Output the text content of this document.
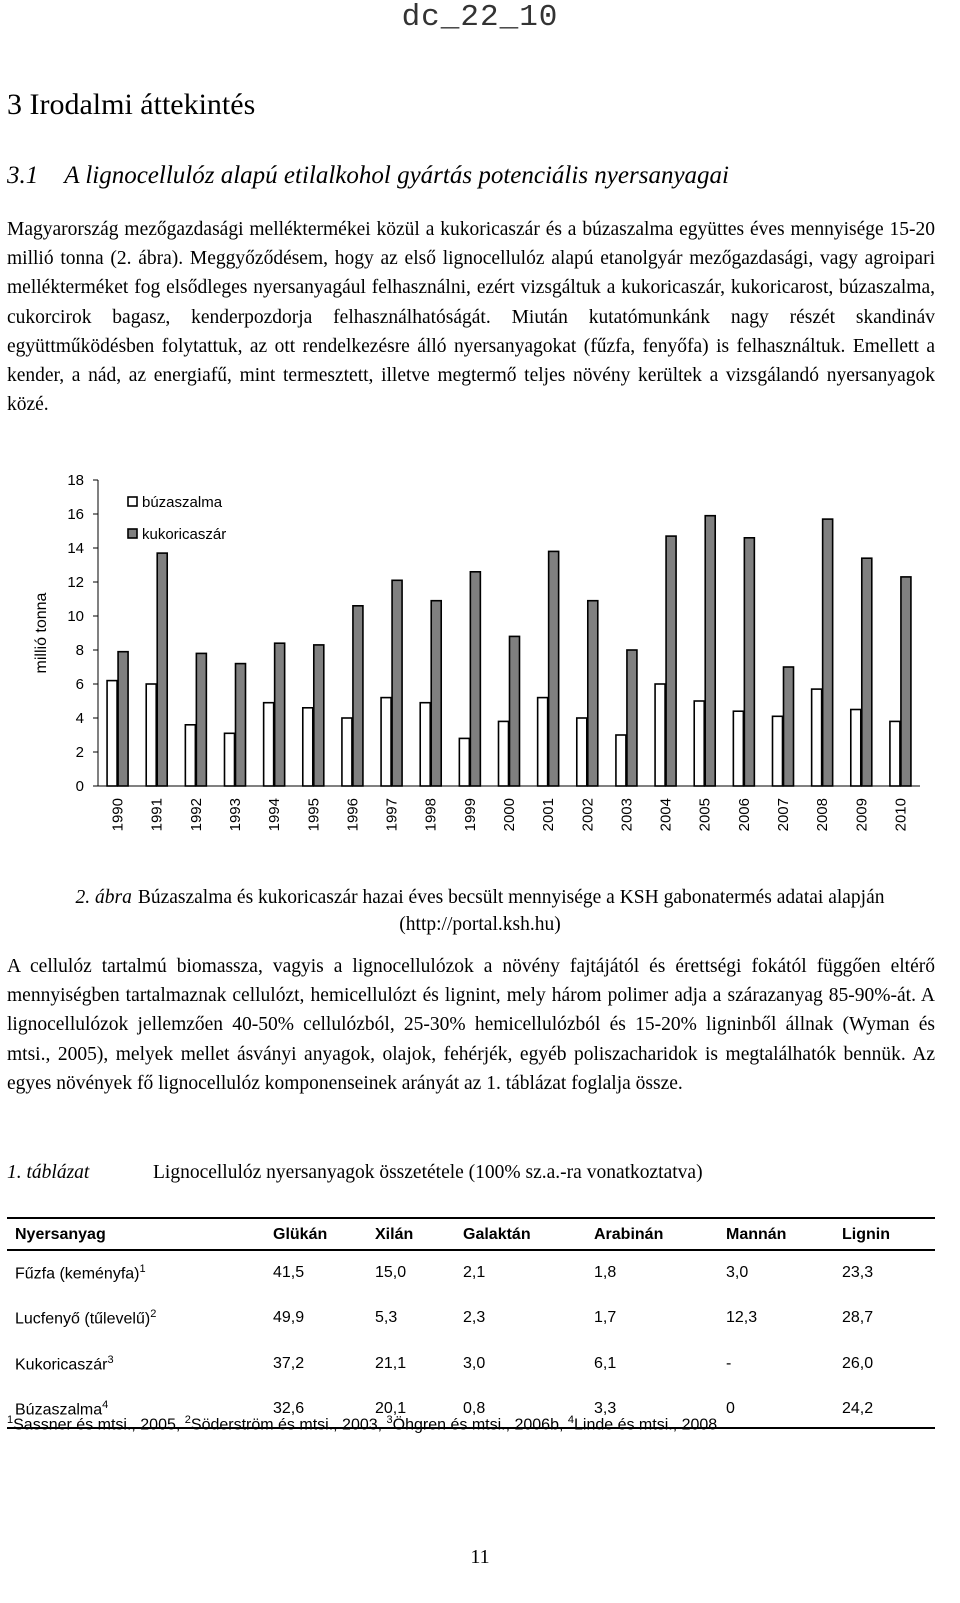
dc_22_10
3 Irodalmi áttekintés
3.1 A lignocellulóz alapú etilalkohol gyártás potenciális nyersanyagai
Magyarország mezőgazdasági melléktermékei közül a kukoricaszár és a búzaszalma együttes éves mennyisége 15-20 millió tonna (2. ábra). Meggyőződésem, hogy az első lignocellulóz alapú etanolgyár mezőgazdasági, vagy agroipari mellékterméket fog elsődleges nyersanyagául felhasználni, ezért vizsgáltuk a kukoricaszár, kukoricarost, búzaszalma, cukorcirok bagasz, kenderpozdorja felhasználhatóságát. Miután kutatómunkánk nagy részét skandináv együttműködésben folytattuk, az ott rendelkezésre álló nyersanyagokat (fűzfa, fenyőfa) is felhasználtuk. Emellett a kender, a nád, az energiafű, mint termesztett, illetve megtermő teljes növény kerültek a vizsgálandó nyersanyagok közé.
0
2
4
6
8
10
12
14
16
18
millió tonna
1990 1991 1992 1993 1994 1995 1996 1997 1998 1999 2000 2001 2002 2003 2004 2005 2006 2007 2008 2009 2010
búzaszalma
kukoricaszár
2. ábra Búzaszalma és kukoricaszár hazai éves becsült mennyisége a KSH gabonatermés adatai alapján (http://portal.ksh.hu)
A cellulóz tartalmú biomassza, vagyis a lignocellulózok a növény fajtájától és érettségi fokától függően eltérő mennyiségben tartalmaznak cellulózt, hemicellulózt és lignint, mely három polimer adja a szárazanyag 85-90%-át. A lignocellulózok jellemzően 40-50% cellulózból, 25-30% hemicellulózból és 15-20% ligninből állnak (Wyman és mtsi., 2005), melyek mellet ásványi anyagok, olajok, fehérjék, egyéb poliszacharidok is megtalálhatók bennük. Az egyes növények fő lignocellulóz komponenseinek arányát az 1. táblázat foglalja össze.
1. táblázat	Lignocellulóz nyersanyagok összetétele (100% sz.a.-ra vonatkoztatva)
Nyersanyag	Glükán	Xilán	Galaktán	Arabinán	Mannán	Lignin
Fűzfa (keményfa)$^1$	41,5	15,0	2,1	1,8	3,0	23,3
Lucfenyő (tűlevelű)$^2$	49,9	5,3	2,3	1,7	12,3	28,7
Kukoricaszár$^3$	37,2	21,1	3,0	6,1	-	26,0
Búzaszalma$^4$	32,6	20,1	0,8	3,3	0	24,2
$^1$Sassner és mtsi., 2005, $^2$Söderström és mtsi., 2003, $^3$Öhgren és mtsi., 2006b, $^4$Linde és mtsi., 2008
11
